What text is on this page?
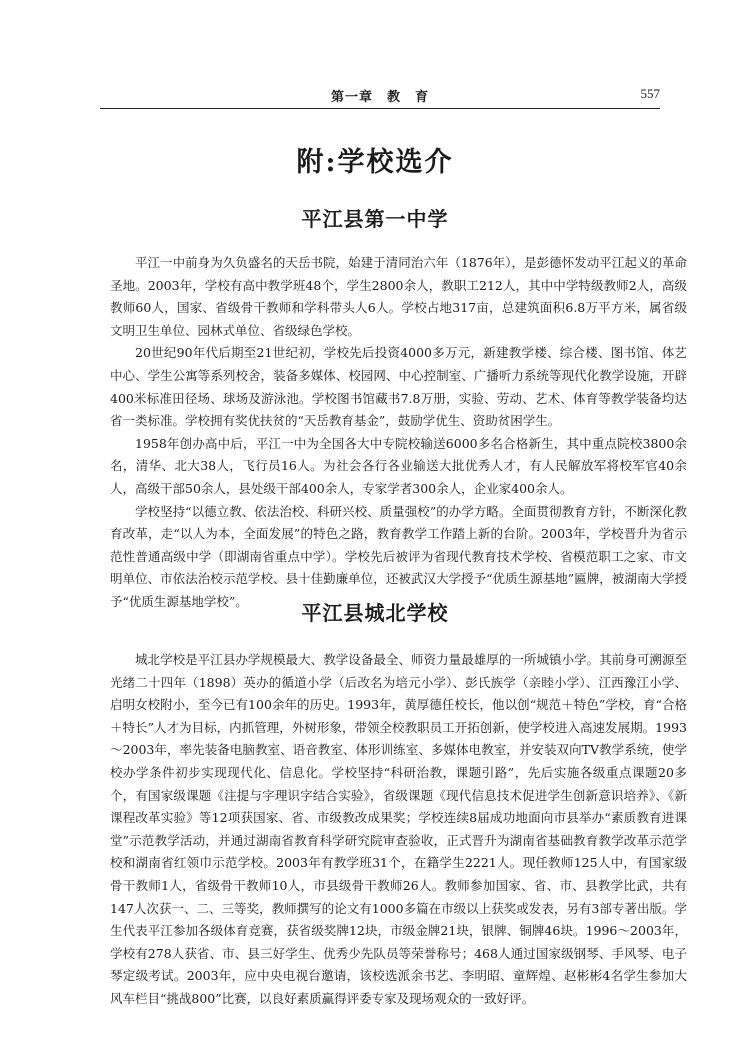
第一章　教　育	557
附:学校选介
平江县第一中学

平江一中前身为久负盛名的天岳书院，始建于清同治六年（1876年），是彭德怀发动平江起义的革命圣地。2003年，学校有高中教学班48个，学生2800余人，教职工212人，其中中学特级教师2人，高级教师60人，国家、省级骨干教师和学科带头人6人。学校占地317亩，总建筑面积6.8万平方米，属省级文明卫生单位、园林式单位、省级绿色学校。

20世纪90年代后期至21世纪初，学校先后投资4000多万元，新建教学楼、综合楼、图书馆、体艺中心、学生公寓等系列校舍，装备多媒体、校园网、中心控制室、广播听力系统等现代化教学设施，开辟400米标准田径场、球场及游泳池。学校图书馆藏书7.8万册，实验、劳动、艺术、体育等教学装备均达省一类标准。学校拥有奖优扶贫的“天岳教育基金”，鼓励学优生、资助贫困学生。

1958年创办高中后，平江一中为全国各大中专院校输送6000多名合格新生，其中重点院校3800余名，清华、北大38人，飞行员16人。为社会各行各业输送大批优秀人才，有人民解放军将校军官40余人，高级干部50余人，县处级干部400余人，专家学者300余人，企业家400余人。

学校坚持“以德立教、依法治校、科研兴校、质量强校”的办学方略。全面贯彻教育方针，不断深化教育改革，走“以人为本，全面发展”的特色之路，教育教学工作踏上新的台阶。2003年，学校晋升为省示范性普通高级中学（即湖南省重点中学）。学校先后被评为省现代教育技术学校、省模范职工之家、市文明单位、市依法治校示范学校、县十佳勤廉单位，还被武汉大学授予“优质生源基地”匾牌，被湖南大学授予“优质生源基地学校”。	平江县城北学校

城北学校是平江县办学规模最大、教学设备最全、师资力量最雄厚的一所城镇小学。其前身可溯源至光绪二十四年（1898）英办的循道小学（后改名为培元小学）、彭氏族学（亲睦小学）、江西豫江小学、启明女校附小，至今已有100余年的历史。1993年，黄厚德任校长，他以创“规范＋特色”学校，育“合格＋特长”人才为目标，内抓管理，外树形象，带领全校教职员工开拓创新，使学校进入高速发展期。1993～2003年，率先装备电脑教室、语音教室、体形训练室、多媒体电教室，并安装双向TV教学系统，使学校办学条件初步实现现代化、信息化。学校坚持“科研治教，课题引路”，先后实施各级重点课题20多个，有国家级课题《注提与字理识字结合实验》，省级课题《现代信息技术促进学生创新意识培养》、《新课程改革实验》等12项获国家、省、市级教改成果奖；学校连续8届成功地面向市县举办“素质教育进课堂”示范教学活动，并通过湖南省教育科学研究院审查验收，正式晋升为湖南省基础教育教学改革示范学校和湖南省红领巾示范学校。2003年有教学班31个，在籍学生2221人。现任教师125人中，有国家级骨干教师1人，省级骨干教师10人，市县级骨干教师26人。教师参加国家、省、市、县教学比武，共有147人次获一、二、三等奖，教师撰写的论文有1000多篇在市级以上获奖或发表，另有3部专著出版。学生代表平江参加各级体育竞赛，获省级奖牌12块，市级金牌21块，银牌、铜牌46块。1996～2003年，学校有278人获省、市、县三好学生、优秀少先队员等荣誉称号；468人通过国家级钢琴、手风琴、电子琴定级考试。2003年，应中央电视台邀请，该校选派余书艺、李明昭、童辉煌、赵彬彬4名学生参加大风车栏目“挑战800”比赛，以良好素质赢得评委专家及现场观众的一致好评。
